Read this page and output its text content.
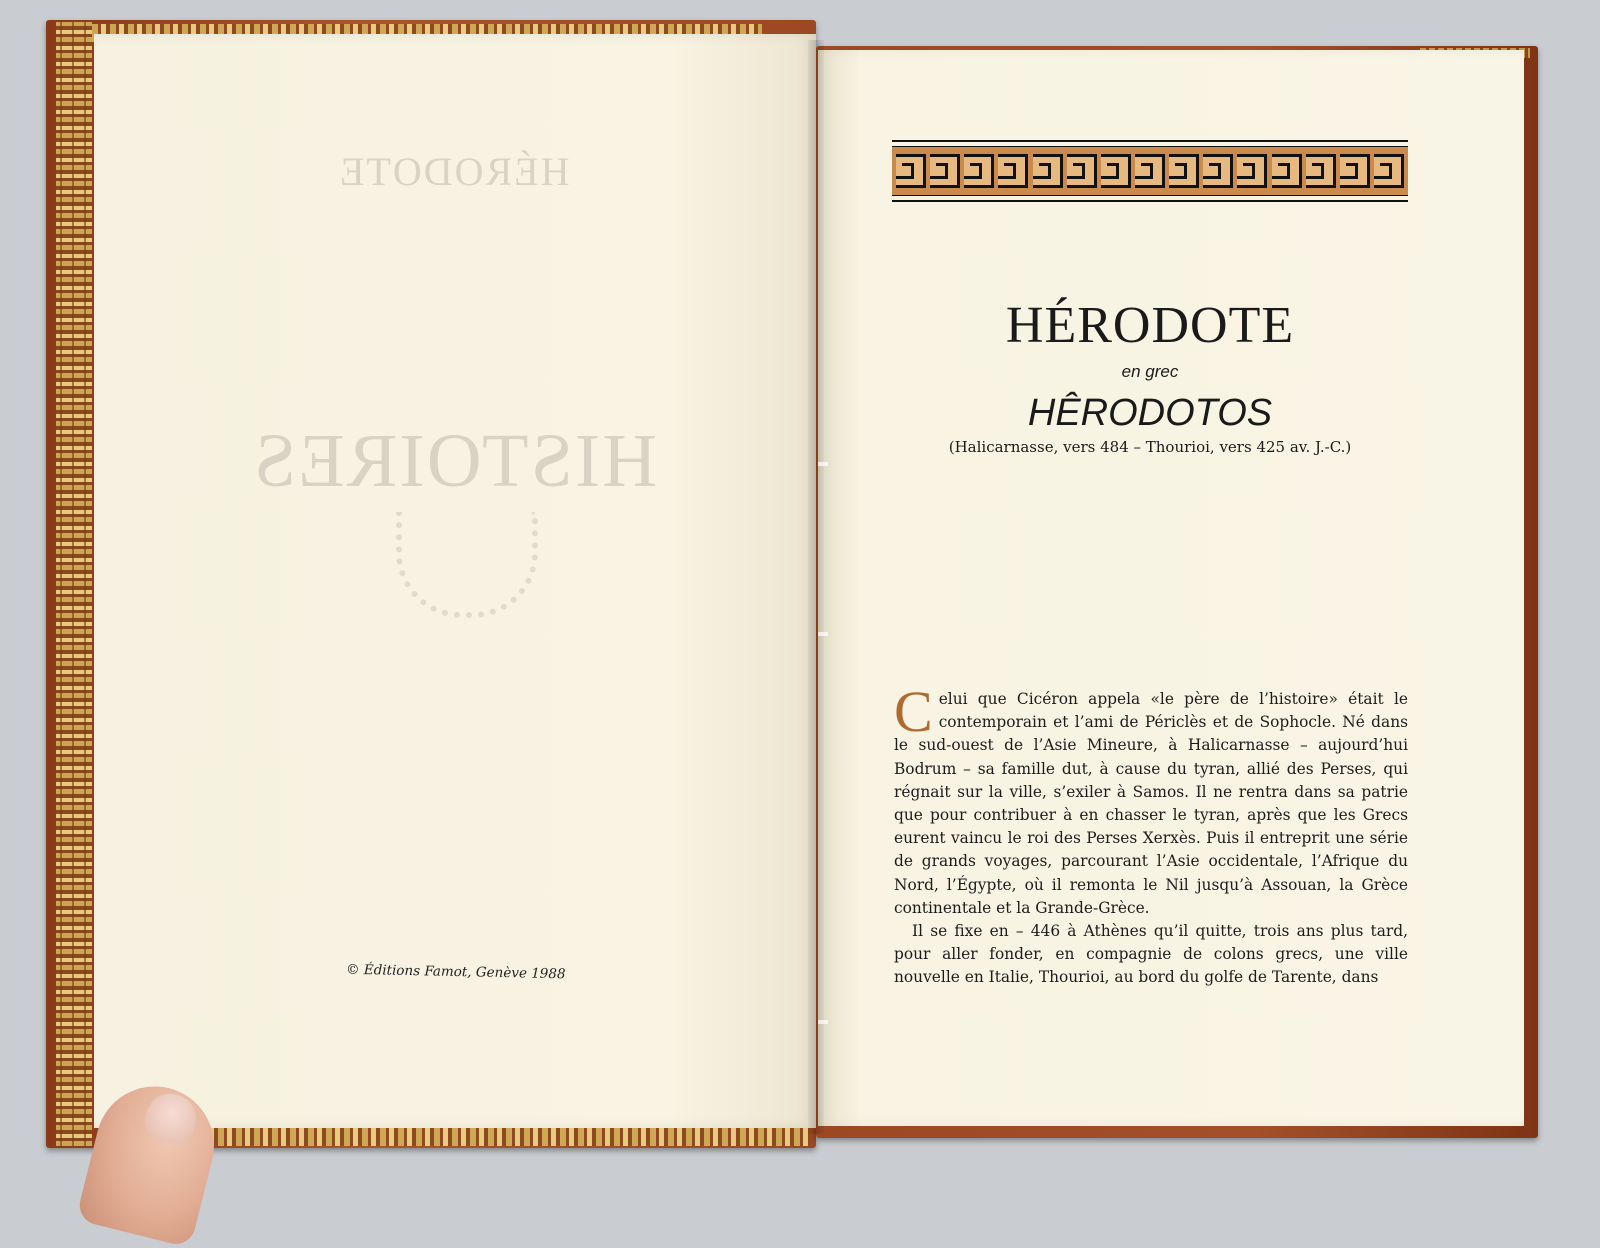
HÉRODOTE
HISTOIRES
© Éditions Famot, Genève 1988
HÉRODOTE
en grec
HÊRODOTOS
(Halicarnasse, vers 484 – Thourioi, vers 425 av. J.-C.)

Celui que Cicéron appela «le père de l’histoire» était le contemporain et l’ami de Périclès et de Sophocle. Né dans le sud-ouest de l’Asie Mineure, à Halicarnasse – aujourd’hui Bodrum – sa famille dut, à cause du tyran, allié des Perses, qui régnait sur la ville, s’exiler à Samos. Il ne rentra dans sa patrie que pour contribuer à en chasser le tyran, après que les Grecs eurent vaincu le roi des Perses Xerxès. Puis il entreprit une série de grands voyages, parcourant l’Asie occidentale, l’Afrique du Nord, l’Égypte, où il remonta le Nil jusqu’à Assouan, la Grèce continentale et la Grande-Grèce.

Il se fixe en – 446 à Athènes qu’il quitte, trois ans plus tard, pour aller fonder, en compagnie de colons grecs, une ville nouvelle en Italie, Thourioi, au bord du golfe de Tarente, dans
